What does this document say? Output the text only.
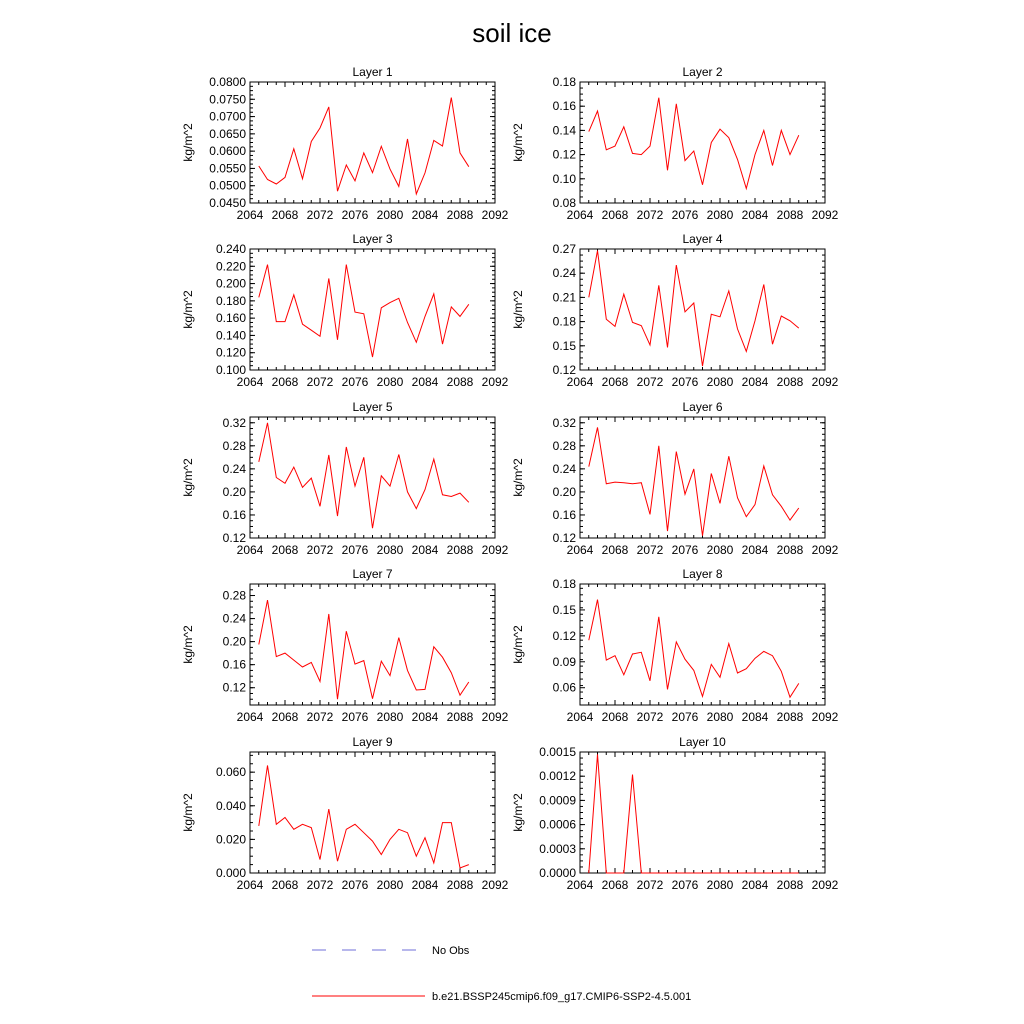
soil ice
Layer 1
kg/m^2
2064 2068 2072 2076 2080 2084 2088 2092
0.0450
0.0500
0.0550
0.0600
0.0650
0.0700
0.0750
0.0800
Layer 2
kg/m^2
2064 2068 2072 2076 2080 2084 2088 2092
0.08
0.10
0.12
0.14
0.16
0.18
Layer 3
kg/m^2
2064 2068 2072 2076 2080 2084 2088 2092
0.100
0.120
0.140
0.160
0.180
0.200
0.220
0.240
Layer 4
kg/m^2
2064 2068 2072 2076 2080 2084 2088 2092
0.12
0.15
0.18
0.21
0.24
0.27
Layer 5
kg/m^2
2064 2068 2072 2076 2080 2084 2088 2092
0.12
0.16
0.20
0.24
0.28
0.32
Layer 6
kg/m^2
2064 2068 2072 2076 2080 2084 2088 2092
0.12
0.16
0.20
0.24
0.28
0.32
Layer 7
kg/m^2
2064 2068 2072 2076 2080 2084 2088 2092
0.12
0.16
0.20
0.24
0.28
Layer 8
kg/m^2
2064 2068 2072 2076 2080 2084 2088 2092
0.06
0.09
0.12
0.15
0.18
Layer 9
kg/m^2
2064 2068 2072 2076 2080 2084 2088 2092
0.000
0.020
0.040
0.060
Layer 10
kg/m^2
2064 2068 2072 2076 2080 2084 2088 2092
0.0000
0.0003
0.0006
0.0009
0.0012
0.0015
No Obs
b.e21.BSSP245cmip6.f09_g17.CMIP6-SSP2-4.5.001
